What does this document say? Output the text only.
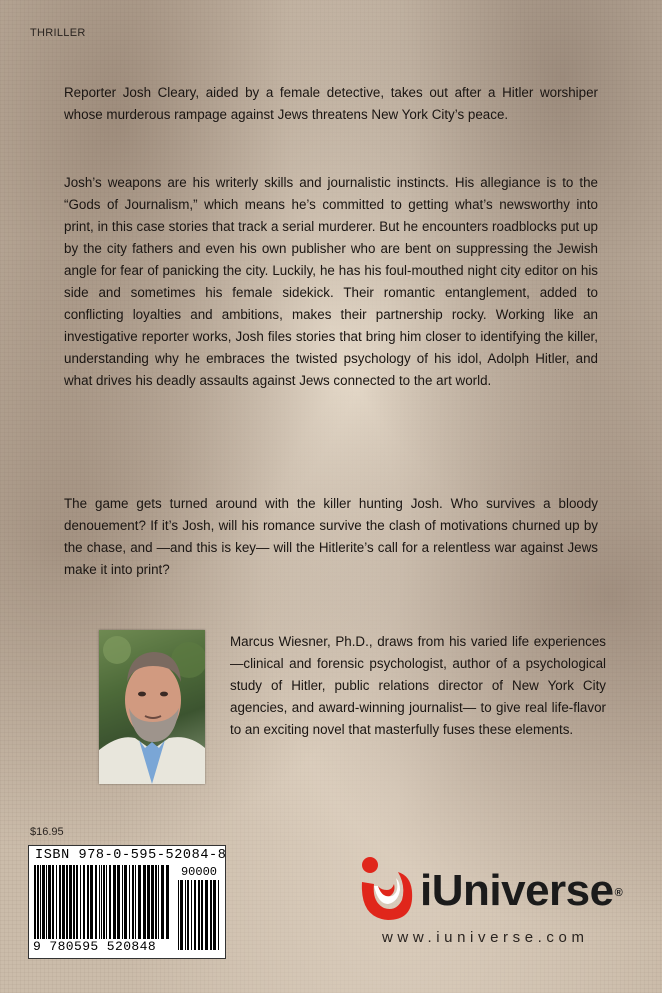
THRILLER

Reporter Josh Cleary, aided by a female detective, takes out after a Hitler worshiper whose murderous rampage against Jews threatens New York City’s peace.

Josh’s weapons are his writerly skills and journalistic instincts. His allegiance is to the “Gods of Journalism,” which means he’s committed to getting what’s newsworthy into print, in this case stories that track a serial murderer. But he encounters roadblocks put up by the city fathers and even his own publisher who are bent on suppressing the Jewish angle for fear of panicking the city. Luckily, he has his foul-mouthed night city editor on his side and sometimes his female sidekick. Their romantic entanglement, added to conflicting loyalties and ambitions, makes their partnership rocky. Working like an investigative reporter works, Josh files stories that bring him closer to identifying the killer, understanding why he embraces the twisted psychology of his idol, Adolph Hitler, and what drives his deadly assaults against Jews connected to the art world.

The game gets turned around with the killer hunting Josh. Who survives a bloody denouement? If it’s Josh, will his romance survive the clash of motivations churned up by the chase, and —and this is key— will the Hitlerite’s call for a relentless war against Jews make it into print?

Marcus Wiesner, Ph.D., draws from his varied life experiences —clinical and forensic psychologist, author of a psychological study of Hitler, public relations director of New York City agencies, and award-winning journalist— to give real life-flavor to an exciting novel that masterfully fuses these elements.

$16.95
ISBN 978-0-595-52084-8
9 780595 520848
90000	iUniverse®
www.iuniverse.com
